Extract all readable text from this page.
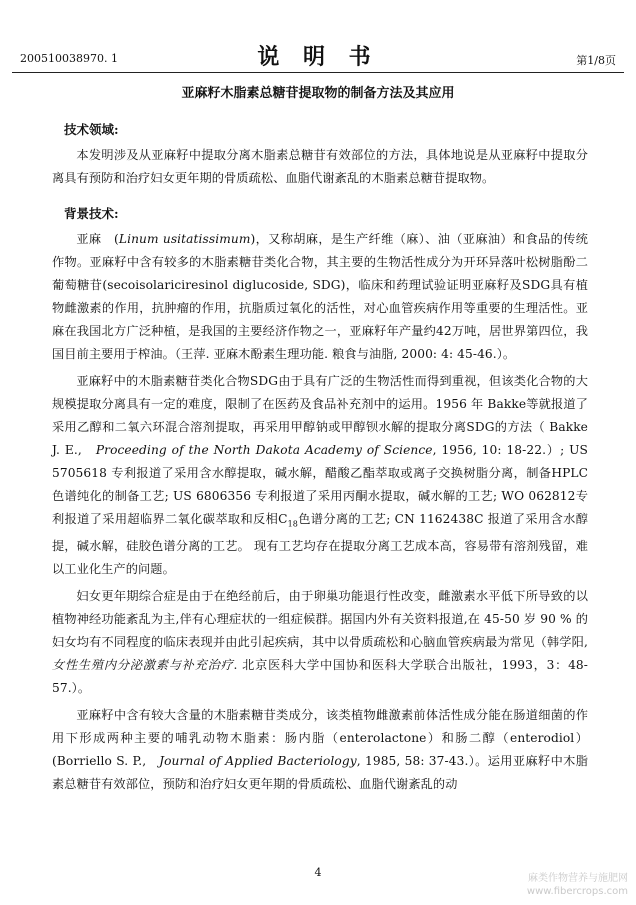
200510038970. 1	说 明 书	第1/8页
亚麻籽木脂素总糖苷提取物的制备方法及其应用
技术领域:

本发明涉及从亚麻籽中提取分离木脂素总糖苷有效部位的方法，具体地说是从亚麻籽中提取分离具有预防和治疗妇女更年期的骨质疏松、血脂代谢紊乱的木脂素总糖苷提取物。

背景技术:

亚麻　(Linum usitatissimum)，又称胡麻，是生产纤维（麻）、油（亚麻油）和食品的传统作物。亚麻籽中含有较多的木脂素糖苷类化合物，其主要的生物活性成分为开环异落叶松树脂酚二葡萄糖苷(secoisolariciresinol diglucoside, SDG)，临床和药理试验证明亚麻籽及SDG具有植物雌激素的作用，抗肿瘤的作用，抗脂质过氧化的活性，对心血管疾病作用等重要的生理活性。亚麻在我国北方广泛种植，是我国的主要经济作物之一，亚麻籽年产量约42万吨，居世界第四位，我国目前主要用于榨油。（王萍. 亚麻木酚素生理功能. 粮食与油脂, 2000: 4: 45-46.）。

亚麻籽中的木脂素糖苷类化合物SDG由于具有广泛的生物活性而得到重视，但该类化合物的大规模提取分离具有一定的难度，限制了在医药及食品补充剂中的运用。1956 年 Bakke等就报道了采用乙醇和二氧六环混合溶剂提取，再采用甲醇钠或甲醇钡水解的提取分离SDG的方法（ Bakke J. E.,　Proceeding of the North Dakota Academy of Science, 1956, 10: 18-22.）; US 5705618 专利报道了采用含水醇提取，碱水解，醋酸乙酯萃取或离子交换树脂分离，制备HPLC 色谱纯化的制备工艺; US 6806356 专利报道了采用丙酮水提取，碱水解的工艺; WO 062812专利报道了采用超临界二氧化碳萃取和反相$C_{18}$色谱分离的工艺; CN 1162438C 报道了采用含水醇提，碱水解，硅胶色谱分离的工艺。 现有工艺均存在提取分离工艺成本高，容易带有溶剂残留，难以工业化生产的问题。

妇女更年期综合症是由于在绝经前后，由于卵巢功能退行性改变，雌激素水平低下所导致的以植物神经功能紊乱为主,伴有心理症状的一组症候群。据国内外有关资料报道,在 45-50 岁 90 % 的妇女均有不同程度的临床表现并由此引起疾病，其中以骨质疏松和心脑血管疾病最为常见（韩学阳,　女性生殖内分泌激素与补充治疗. 北京医科大学中国协和医科大学联合出版社，1993，3：48-57.）。

亚麻籽中含有较大含量的木脂素糖苷类成分，该类植物雌激素前体活性成分能在肠道细菌的作用下形成两种主要的哺乳动物木脂素：肠内脂（enterolactone）和肠二醇（enterodiol）(Borriello S. P.,　Journal of Applied Bacteriology, 1985, 58: 37-43.）。运用亚麻籽中木脂素总糖苷有效部位，预防和治疗妇女更年期的骨质疏松、血脂代谢紊乱的动

4	麻类作物营养与施肥网
www.fibercrops.com
